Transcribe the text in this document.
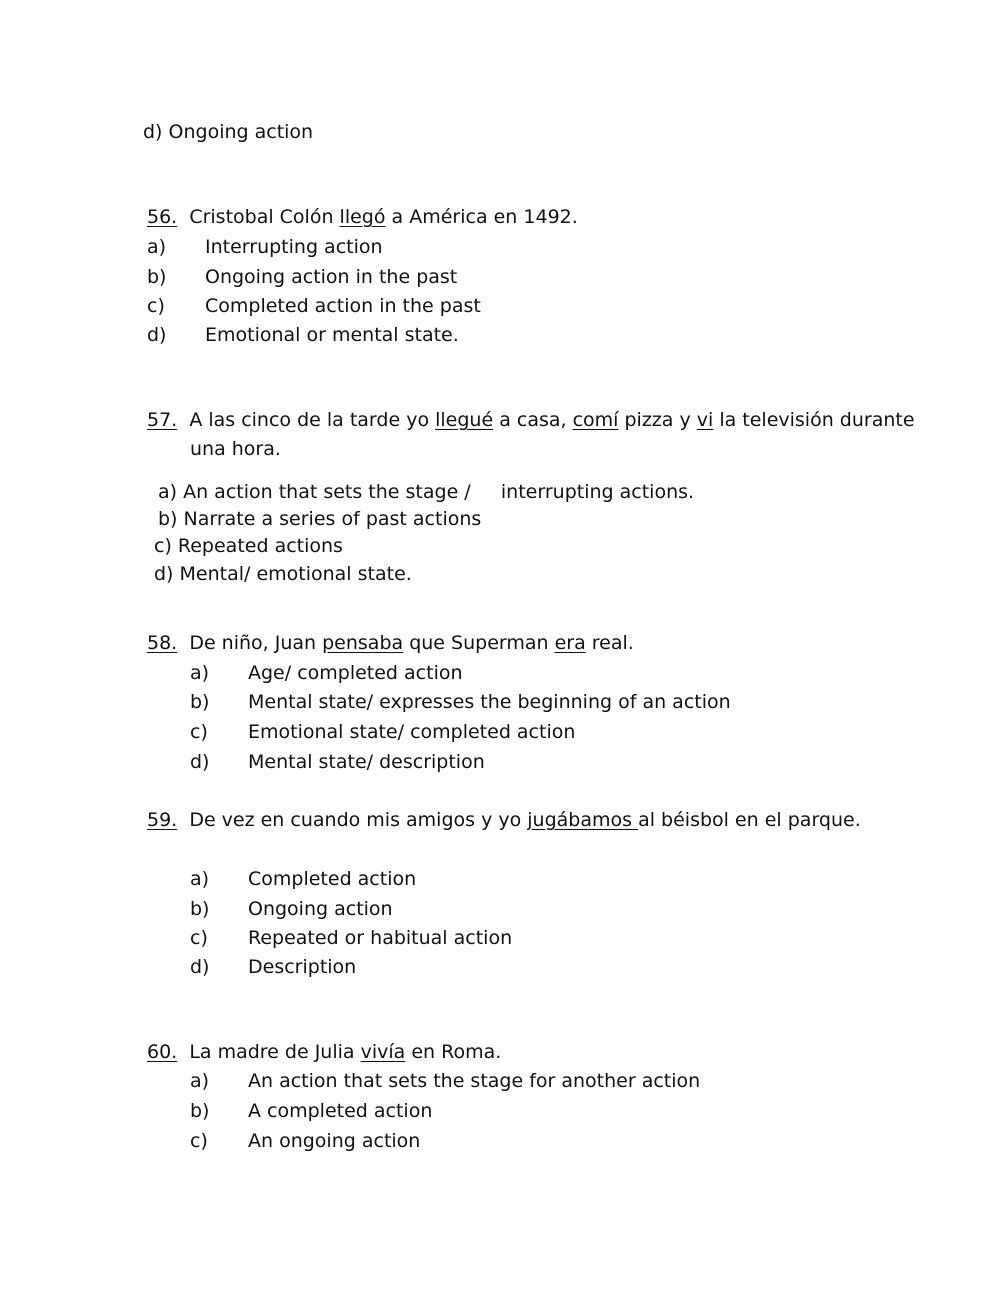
d) Ongoing action
56. Cristobal Colón llegó a América en 1492.
a) Interrupting action
b) Ongoing action in the past
c) Completed action in the past
d) Emotional or mental state.
57. A las cinco de la tarde yo llegué a casa, comí pizza y vi la televisión durante
una hora.
a) An action that sets the stage /     interrupting actions.
b) Narrate a series of past actions
c) Repeated actions
d) Mental/ emotional state.
58. De niño, Juan pensaba que Superman era real.
a) Age/ completed action
b) Mental state/ expresses the beginning of an action
c) Emotional state/ completed action
d) Mental state/ description
59. De vez en cuando mis amigos y yo jugábamos al béisbol en el parque.
a) Completed action
b) Ongoing action
c) Repeated or habitual action
d) Description
60. La madre de Julia vivía en Roma.
a) An action that sets the stage for another action
b) A completed action
c) An ongoing action
